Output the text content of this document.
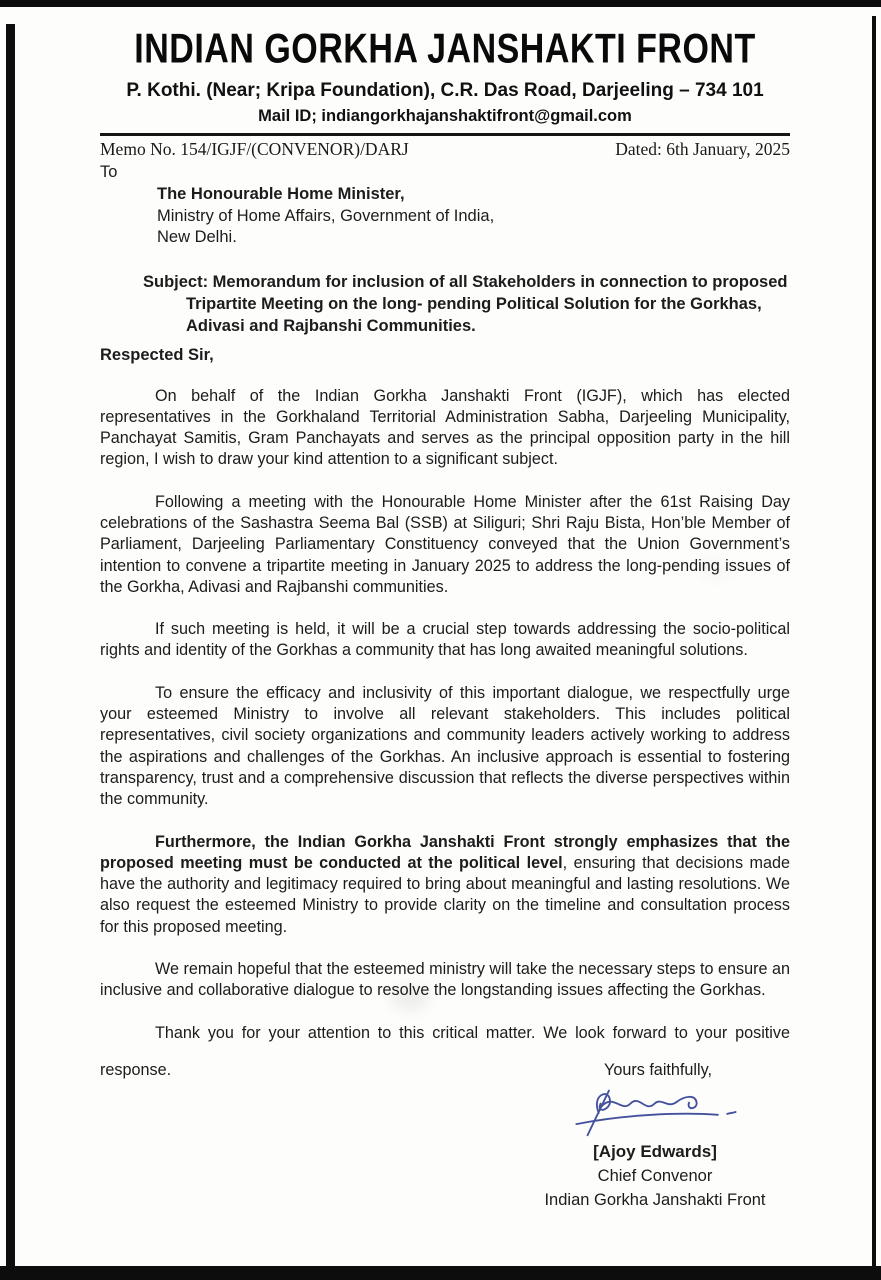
INDIAN GORKHA JANSHAKTI FRONT
P. Kothi. (Near; Kripa Foundation), C.R. Das Road, Darjeeling – 734 101
Mail ID; indiangorkhajanshaktifront@gmail.com
Memo No. 154/IGJF/(CONVENOR)/DARJ	Dated: 6th January, 2025
To
The Honourable Home Minister,
Ministry of Home Affairs, Government of India,
New Delhi.
Subject: Memorandum for inclusion of all Stakeholders in connection to proposed Tripartite Meeting on the long- pending Political Solution for the Gorkhas, Adivasi and Rajbanshi Communities.
Respected Sir,

On behalf of the Indian Gorkha Janshakti Front (IGJF), which has elected representatives in the Gorkhaland Territorial Administration Sabha, Darjeeling Municipality, Panchayat Samitis, Gram Panchayats and serves as the principal opposition party in the hill region, I wish to draw your kind attention to a significant subject.

Following a meeting with the Honourable Home Minister after the 61st Raising Day celebrations of the Sashastra Seema Bal (SSB) at Siliguri; Shri Raju Bista, Hon’ble Member of Parliament, Darjeeling Parliamentary Constituency conveyed that the Union Government’s intention to convene a tripartite meeting in January 2025 to address the long-pending issues of the Gorkha, Adivasi and Rajbanshi communities.

If such meeting is held, it will be a crucial step towards addressing the socio-political rights and identity of the Gorkhas a community that has long awaited meaningful solutions.

To ensure the efficacy and inclusivity of this important dialogue, we respectfully urge your esteemed Ministry to involve all relevant stakeholders. This includes political representatives, civil society organizations and community leaders actively working to address the aspirations and challenges of the Gorkhas. An inclusive approach is essential to fostering transparency, trust and a comprehensive discussion that reflects the diverse perspectives within the community.

Furthermore, the Indian Gorkha Janshakti Front strongly emphasizes that the proposed meeting must be conducted at the political level, ensuring that decisions made have the authority and legitimacy required to bring about meaningful and lasting resolutions. We also request the esteemed Ministry to provide clarity on the timeline and consultation process for this proposed meeting.

We remain hopeful that the esteemed ministry will take the necessary steps to ensure an inclusive and collaborative dialogue to resolve the longstanding issues affecting the Gorkhas.

Thank you for your attention to this critical matter. We look forward to your positive

response.	Yours faithfully,
[Ajoy Edwards]
Chief Convenor
Indian Gorkha Janshakti Front
